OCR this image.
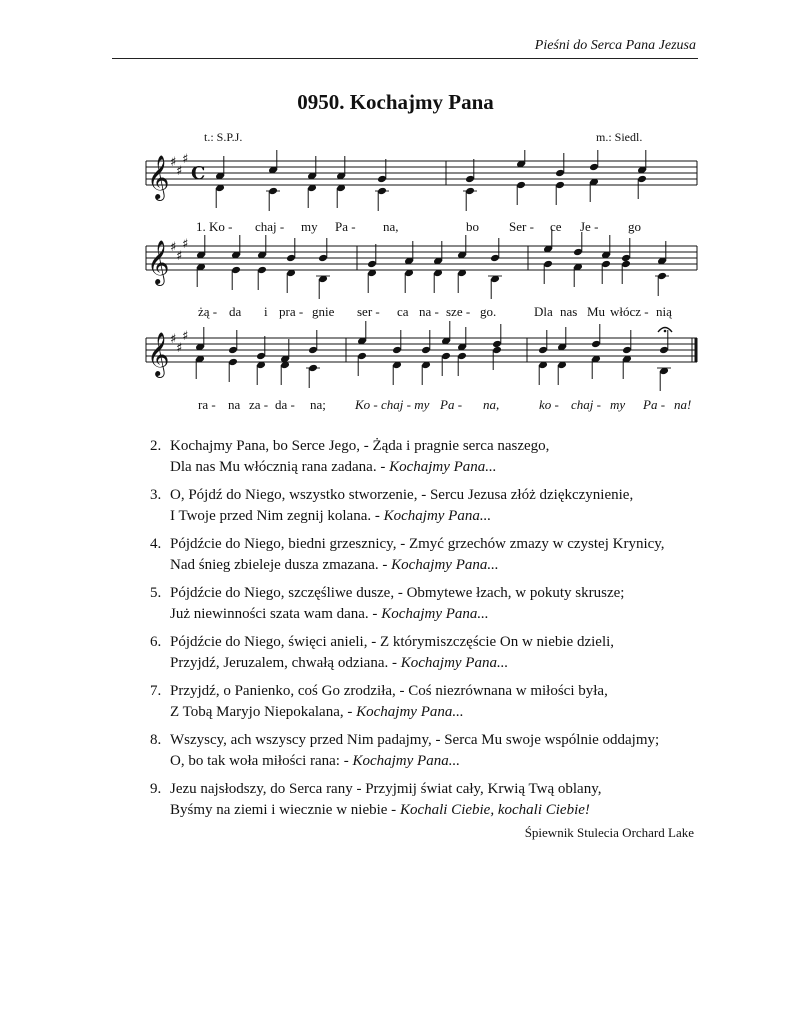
Pieśni do Serca Pana Jezusa
0950. Kochajmy Pana
t.: S.P.J.	m.: Siedl.
𝄞 ♯
♯
♯
C
𝄞 ♯
♯
♯
𝄞 ♯
♯
♯
1. Ko - chaj - my Pa - na,	bo Ser - ce Je - go
żą - da i pra - gnie ser - ca na - sze - go.	Dla nas Mu włócz - nią
ra - na za - da - na; Ko - chaj - my Pa - na,	ko - chaj - my Pa - na!
2. Kochajmy Pana, bo Serce Jego, - Żąda i pragnie serca naszego,
Dla nas Mu włócznią rana zadana. - Kochajmy Pana...
3. O, Pójdź do Niego, wszystko stworzenie, - Sercu Jezusa złóż dziękczynienie,
I Twoje przed Nim zegnij kolana. - Kochajmy Pana...
4. Pójdźcie do Niego, biedni grzesznicy, - Zmyć grzechów zmazy w czystej Krynicy,
Nad śnieg zbieleje dusza zmazana. - Kochajmy Pana...
5. Pójdźcie do Niego, szczęśliwe dusze, - Obmytewe łzach, w pokuty skrusze;
Już niewinności szata wam dana. - Kochajmy Pana...
6. Pójdźcie do Niego, święci anieli, - Z którymiszczęście On w niebie dzieli,
Przyjdź, Jeruzalem, chwałą odziana. - Kochajmy Pana...
7. Przyjdź, o Panienko, coś Go zrodziła, - Coś niezrównana w miłości była,
Z Tobą Maryjo Niepokalana, - Kochajmy Pana...
8. Wszyscy, ach wszyscy przed Nim padajmy, - Serca Mu swoje wspólnie oddajmy;
O, bo tak woła miłości rana: - Kochajmy Pana...
9. Jezu najsłodszy, do Serca rany - Przyjmij świat cały, Krwią Twą oblany,
Byśmy na ziemi i wiecznie w niebie - Kochali Ciebie, kochali Ciebie!
Śpiewnik Stulecia Orchard Lake
